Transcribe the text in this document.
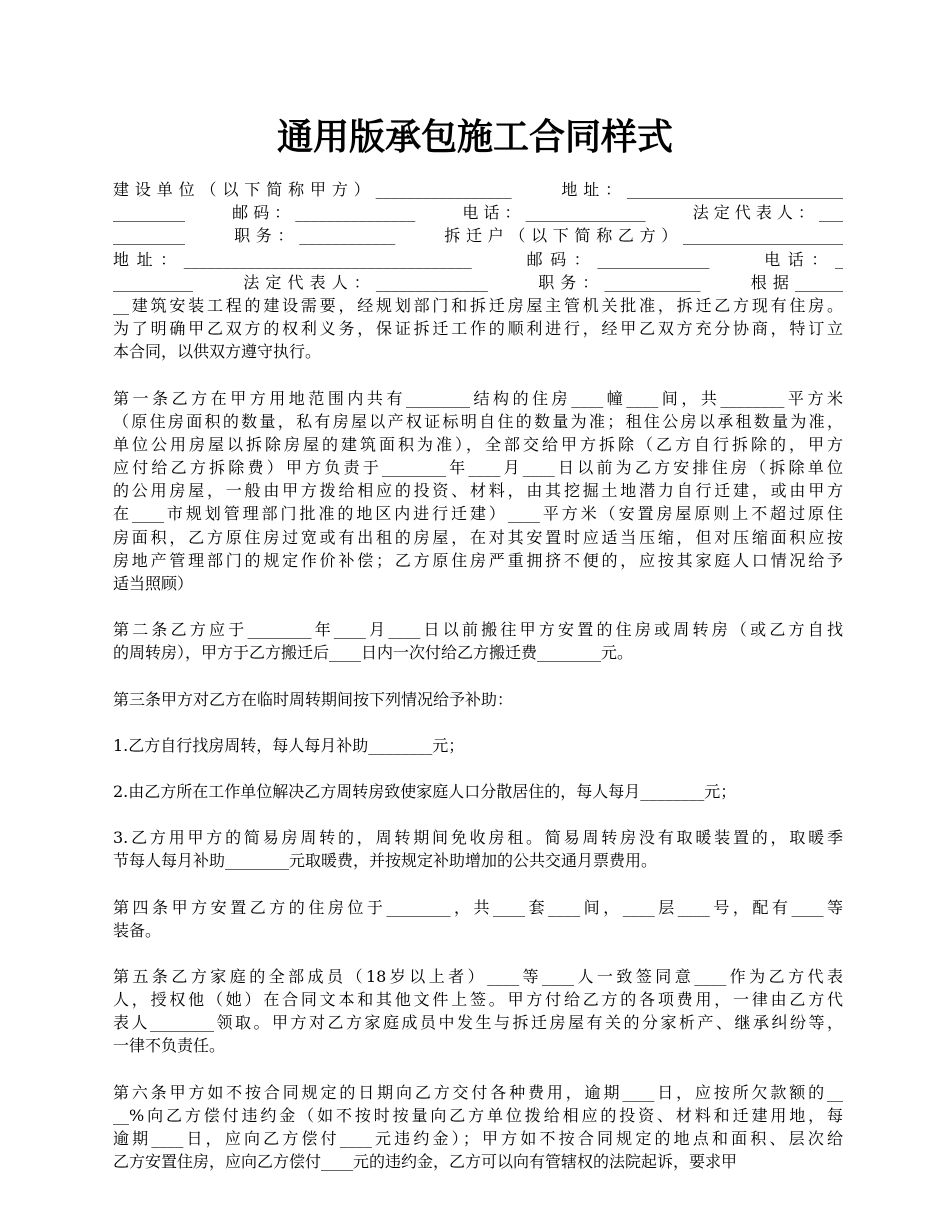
通用版承包施工合同样式
建设单位（以下简称甲方）_________________　　地址：___________________________
_________　　邮码：_______________　　电话：_______________　　法定代表人：___
_________　　职务：____________　　拆迁户（以下简称乙方）____________________
地址：____________________________________　　邮码：______________　　电话：_
__________　　法定代表人：______________　　职务：____________　　根据______
__建筑安装工程的建设需要，经规划部门和拆迁房屋主管机关批准，拆迁乙方现有住房。
为了明确甲乙双方的权利义务，保证拆迁工作的顺利进行，经甲乙双方充分协商，特订立
本合同，以供双方遵守执行。
第一条乙方在甲方用地范围内共有________结构的住房____幢____间，共________平方米
（原住房面积的数量，私有房屋以产权证标明自住的数量为准；租住公房以承租数量为准，
单位公用房屋以拆除房屋的建筑面积为准），全部交给甲方拆除（乙方自行拆除的，甲方
应付给乙方拆除费）甲方负责于________年____月____日以前为乙方安排住房（拆除单位
的公用房屋，一般由甲方拨给相应的投资、材料，由其挖掘土地潜力自行迁建，或由甲方
在____市规划管理部门批准的地区内进行迁建）____平方米（安置房屋原则上不超过原住
房面积，乙方原住房过宽或有出租的房屋，在对其安置时应适当压缩，但对压缩面积应按
房地产管理部门的规定作价补偿；乙方原住房严重拥挤不便的，应按其家庭人口情况给予
适当照顾）
第二条乙方应于________年____月____日以前搬往甲方安置的住房或周转房（或乙方自找
的周转房），甲方于乙方搬迁后____日内一次付给乙方搬迁费________元。
第三条甲方对乙方在临时周转期间按下列情况给予补助：
1.乙方自行找房周转，每人每月补助________元；
2.由乙方所在工作单位解决乙方周转房致使家庭人口分散居住的，每人每月________元；
3.乙方用甲方的简易房周转的，周转期间免收房租。简易周转房没有取暖装置的，取暖季
节每人每月补助________元取暖费，并按规定补助增加的公共交通月票费用。
第四条甲方安置乙方的住房位于________，共____套____间，____层____号，配有____等
装备。
第五条乙方家庭的全部成员（18岁以上者）____等____人一致签同意____作为乙方代表
人，授权他（她）在合同文本和其他文件上签。甲方付给乙方的各项费用，一律由乙方代
表人________领取。甲方对乙方家庭成员中发生与拆迁房屋有关的分家析产、继承纠纷等，
一律不负责任。
第六条甲方如不按合同规定的日期向乙方交付各种费用，逾期____日，应按所欠款额的__
__%向乙方偿付违约金（如不按时按量向乙方单位拨给相应的投资、材料和迁建用地，每
逾期____日，应向乙方偿付____元违约金）；甲方如不按合同规定的地点和面积、层次给
乙方安置住房，应向乙方偿付____元的违约金，乙方可以向有管辖权的法院起诉，要求甲
